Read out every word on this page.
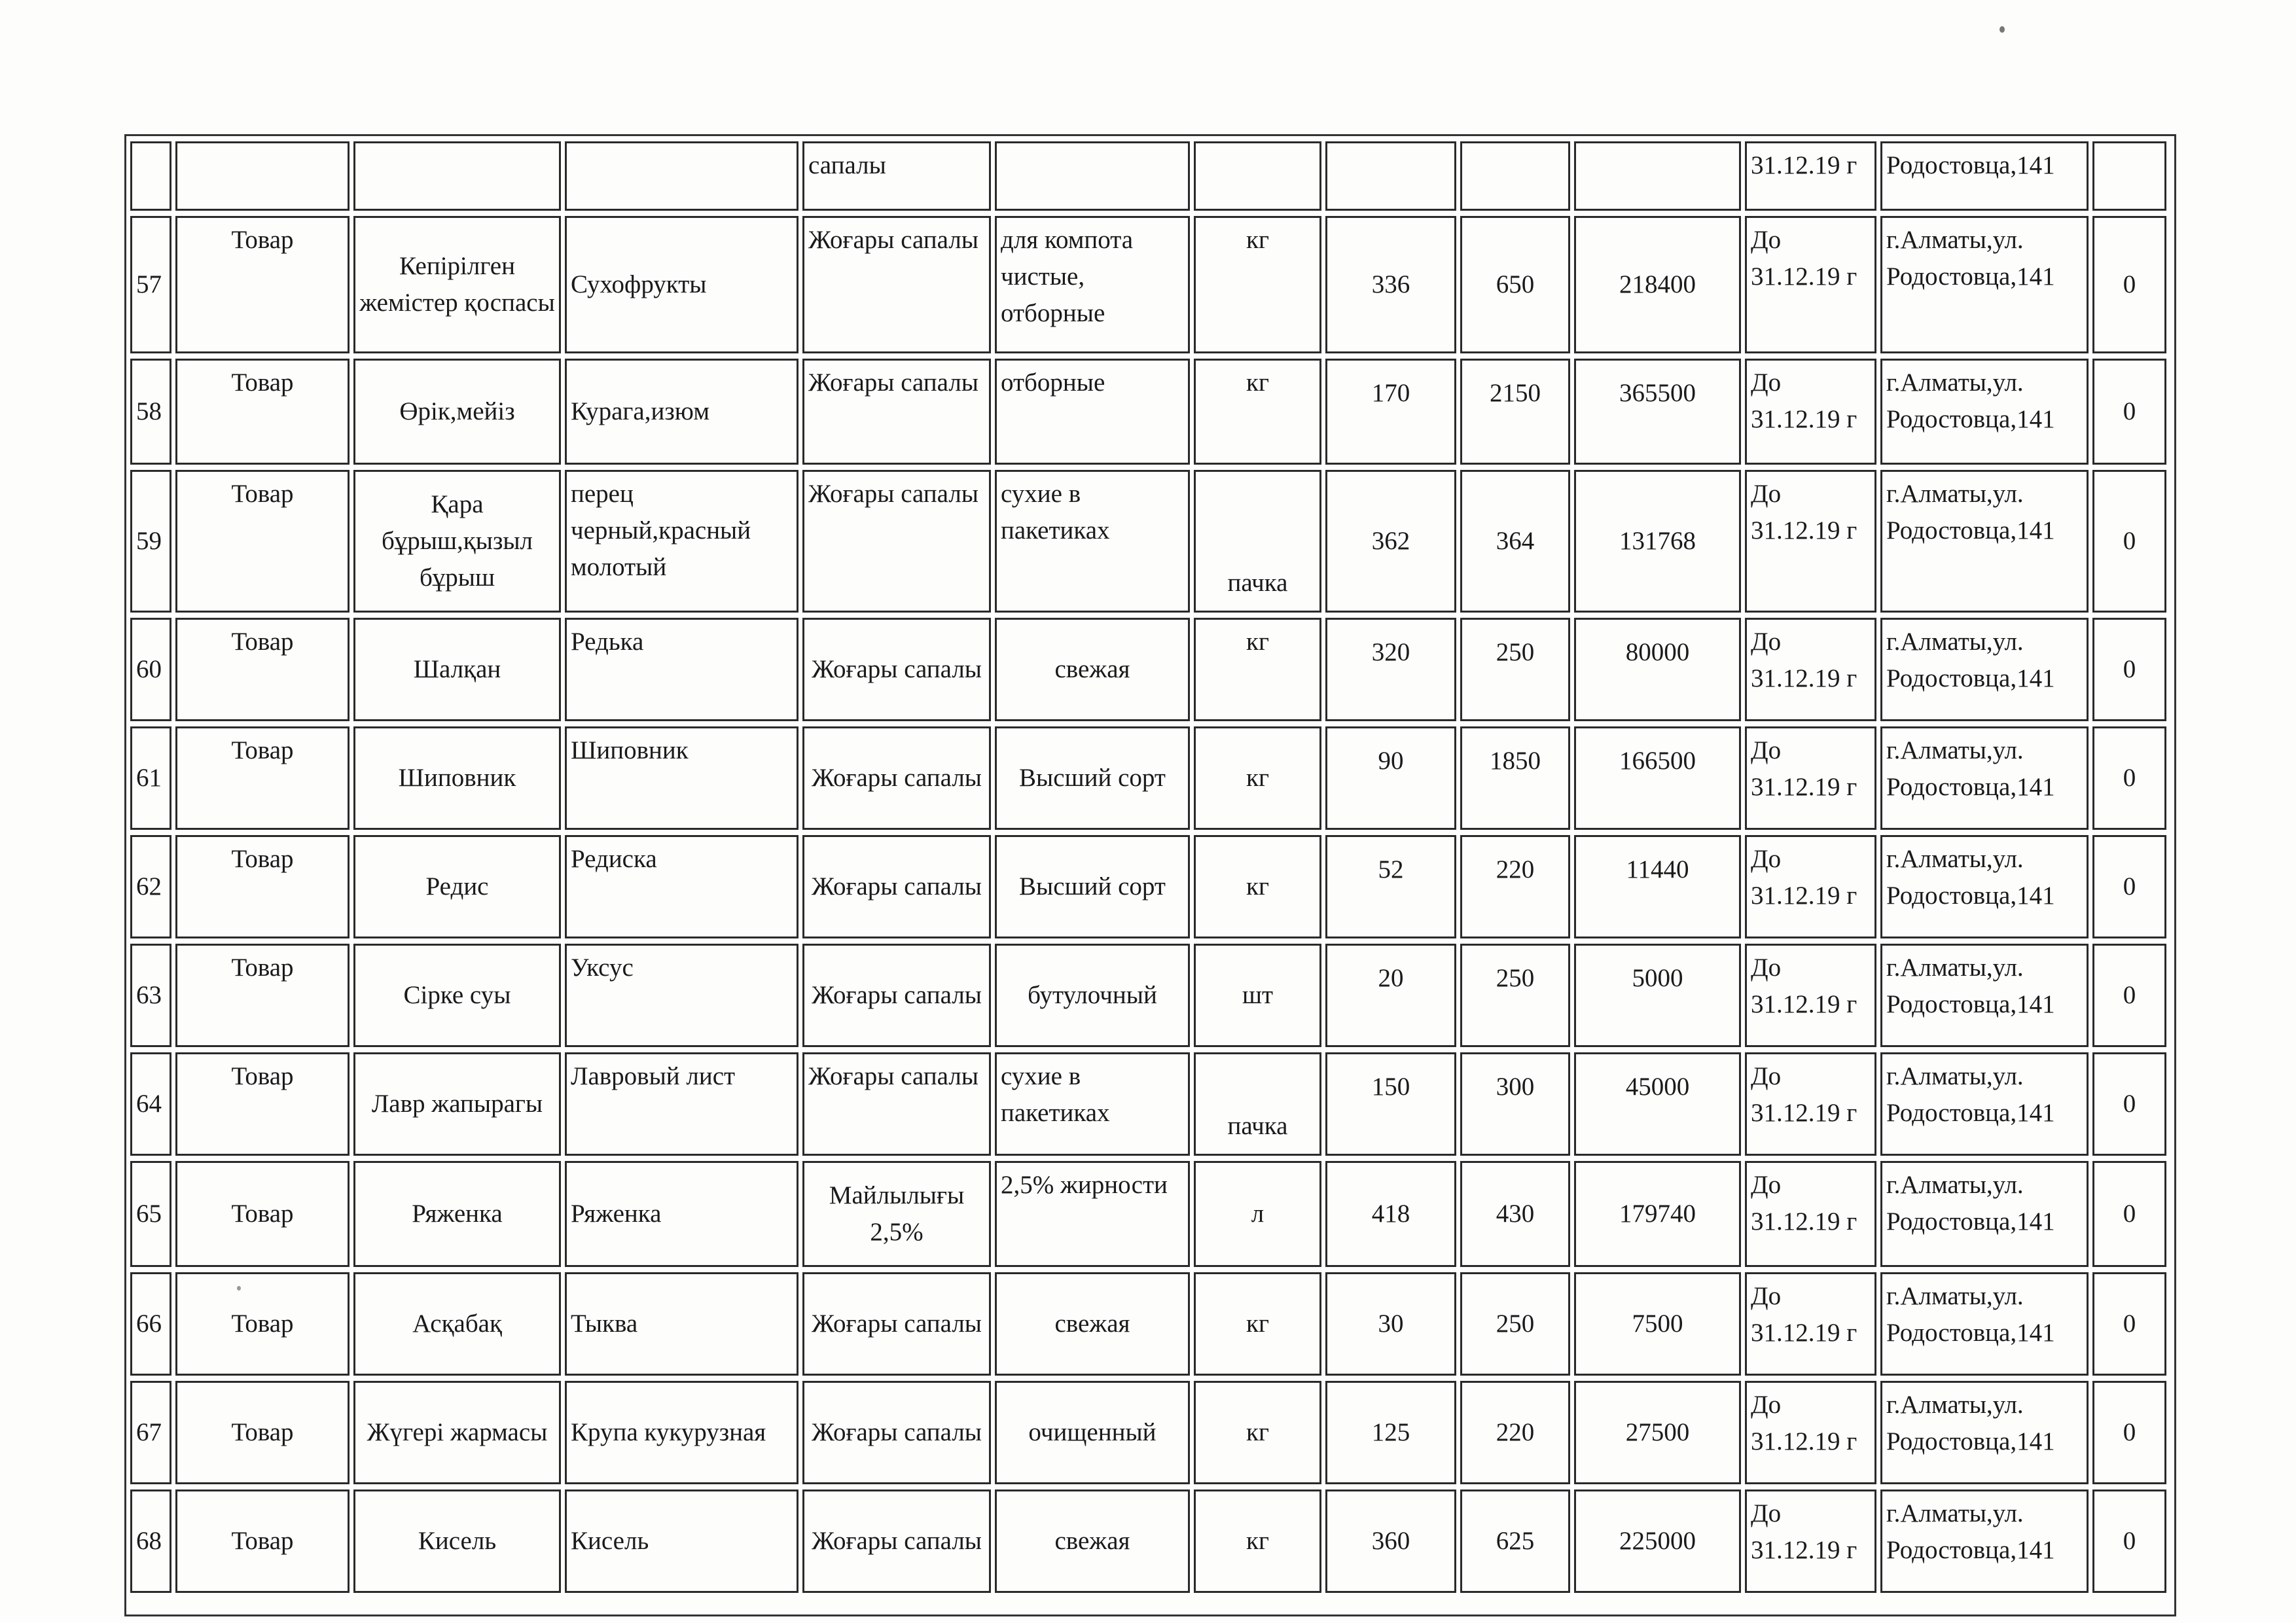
				сапалы						31.12.19 г	Родостовца,141	
57	Товар	Кепірілген жемістер қоспасы	Сухофрукты	Жоғары сапалы	для компота чистые, отборные	кг	336	650	218400	До 31.12.19 г	г.Алматы,ул. Родостовца,141	0
58	Товар	Өрік,мейіз	Курага,изюм	Жоғары сапалы	отборные	кг	170	2150	365500	До 31.12.19 г	г.Алматы,ул. Родостовца,141	0
59	Товар	Қара бұрыш,қызыл бұрыш	перец черный,красный молотый	Жоғары сапалы	сухие в пакетиках	пачка	362	364	131768	До 31.12.19 г	г.Алматы,ул. Родостовца,141	0
60	Товар	Шалқан	Редька	Жоғары сапалы	свежая	кг	320	250	80000	До 31.12.19 г	г.Алматы,ул. Родостовца,141	0
61	Товар	Шиповник	Шиповник	Жоғары сапалы	Высший сорт	кг	90	1850	166500	До 31.12.19 г	г.Алматы,ул. Родостовца,141	0
62	Товар	Редис	Редиска	Жоғары сапалы	Высший сорт	кг	52	220	11440	До 31.12.19 г	г.Алматы,ул. Родостовца,141	0
63	Товар	Сірке суы	Уксус	Жоғары сапалы	бутулочный	шт	20	250	5000	До 31.12.19 г	г.Алматы,ул. Родостовца,141	0
64	Товар	Лавр жапырагы	Лавровый лист	Жоғары сапалы	сухие в пакетиках	пачка	150	300	45000	До 31.12.19 г	г.Алматы,ул. Родостовца,141	0
65	Товар	Ряженка	Ряженка	Майлылығы 2,5%	2,5% жирности	л	418	430	179740	До 31.12.19 г	г.Алматы,ул. Родостовца,141	0
66	Товар	Асқабақ	Тыква	Жоғары сапалы	свежая	кг	30	250	7500	До 31.12.19 г	г.Алматы,ул. Родостовца,141	0
67	Товар	Жүгері жармасы	Крупа кукурузная	Жоғары сапалы	очищенный	кг	125	220	27500	До 31.12.19 г	г.Алматы,ул. Родостовца,141	0
68	Товар	Кисель	Кисель	Жоғары сапалы	свежая	кг	360	625	225000	До 31.12.19 г	г.Алматы,ул. Родостовца,141	0
